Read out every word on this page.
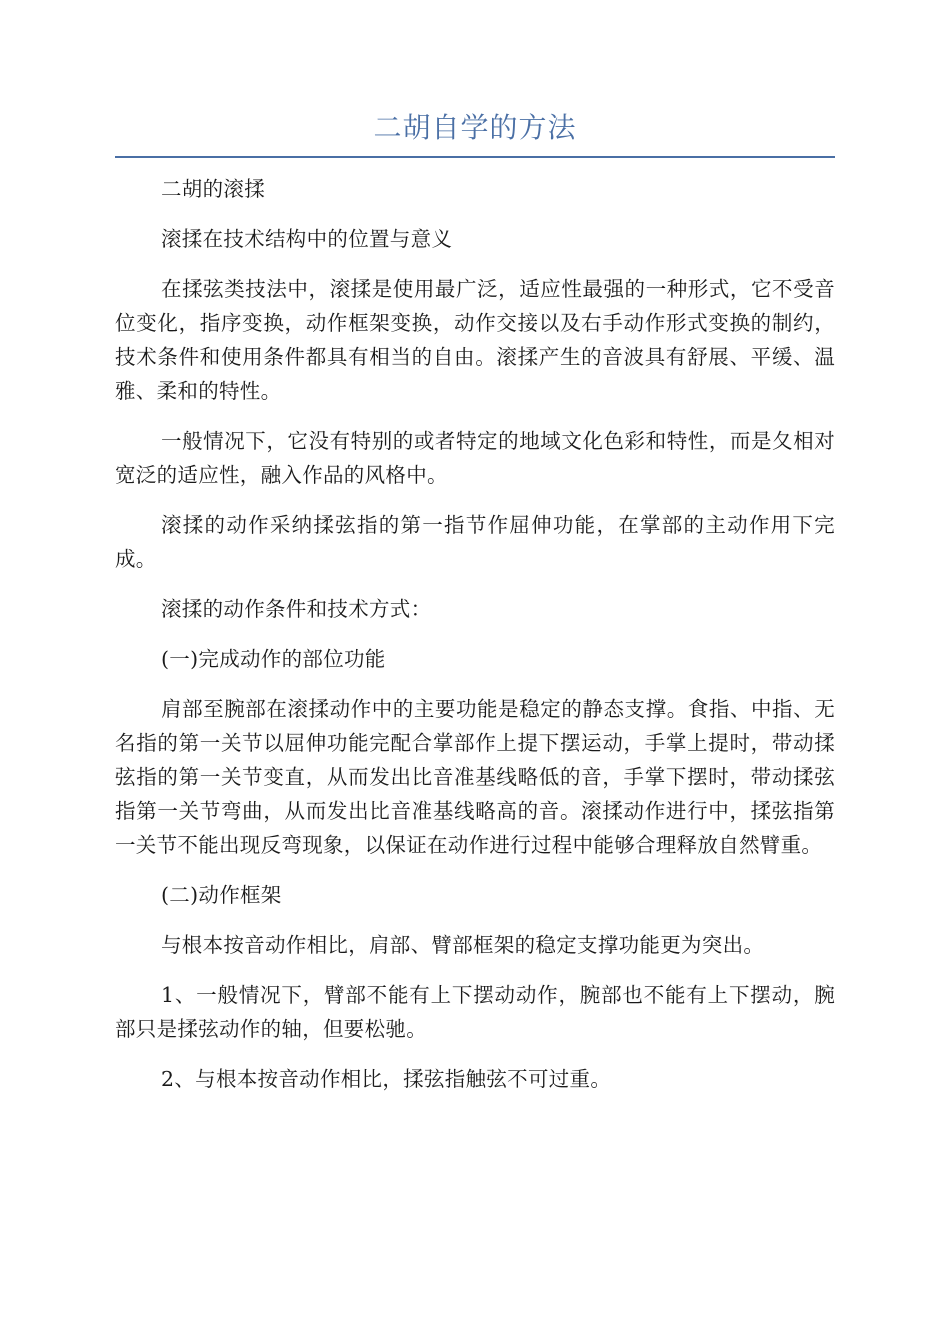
二胡自学的方法

二胡的滚揉

滚揉在技术结构中的位置与意义

在揉弦类技法中，滚揉是使用最广泛，适应性最强的一种形式，它不受音位变化，指序变换，动作框架变换，动作交接以及右手动作形式变换的制约，技术条件和使用条件都具有相当的自由。滚揉产生的音波具有舒展、平缓、温雅、柔和的特性。

一般情况下，它没有特别的或者特定的地域文化色彩和特性，而是夂相对宽泛的适应性，融入作品的风格中。

滚揉的动作采纳揉弦指的第一指节作屈伸功能，在掌部的主动作用下完成。

滚揉的动作条件和技术方式：

(一)完成动作的部位功能

肩部至腕部在滚揉动作中的主要功能是稳定的静态支撑。食指、中指、无名指的第一关节以屈伸功能完配合掌部作上提下摆运动，手掌上提时，带动揉弦指的第一关节变直，从而发出比音准基线略低的音，手掌下摆时，带动揉弦指第一关节弯曲，从而发出比音准基线略高的音。滚揉动作进行中，揉弦指第一关节不能出现反弯现象，以保证在动作进行过程中能够合理释放自然臂重。

(二)动作框架

与根本按音动作相比，肩部、臂部框架的稳定支撑功能更为突出。

1、一般情况下，臂部不能有上下摆动动作，腕部也不能有上下摆动，腕部只是揉弦动作的轴，但要松驰。

2、与根本按音动作相比，揉弦指触弦不可过重。
